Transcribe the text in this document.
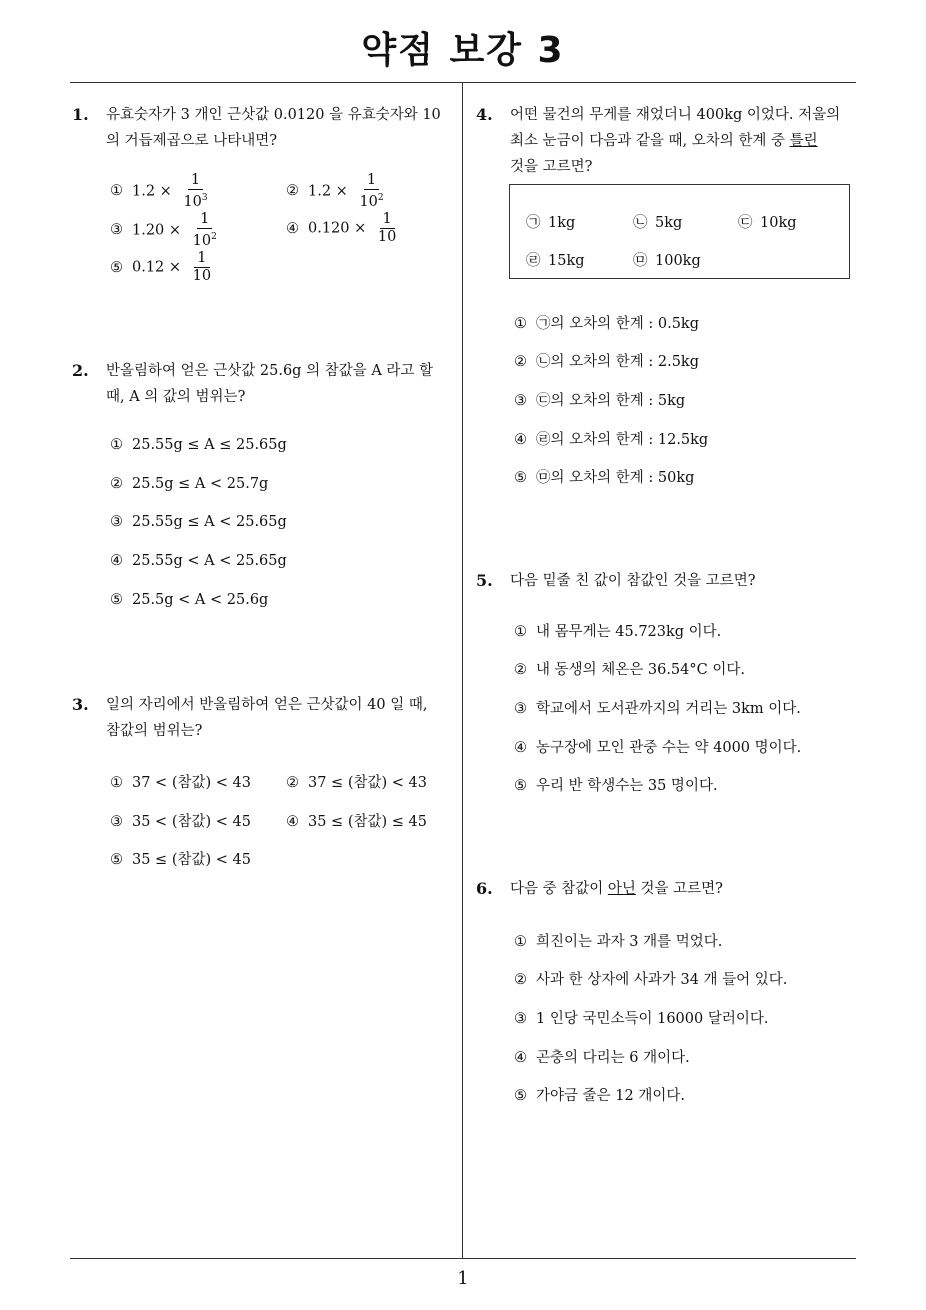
약점 보강 3
1
1. 유효숫자가 3 개인 근삿값 0.0120 을 유효숫자와 10
의 거듭제곱으로 나타내면?
① $1.2 \times \frac{1}{10^3}$	② $1.2 \times \frac{1}{10^2}$
③ $1.20 \times \frac{1}{10^2}$	④ $0.120 \times \frac{1}{10}$
⑤ $0.12 \times \frac{1}{10}$
2. 반올림하여 얻은 근삿값 25.6g 의 참값을 A 라고 할
때, A 의 값의 범위는?
① 25.55g ≤ A ≤ 25.65g
② 25.5g ≤ A < 25.7g
③ 25.55g ≤ A < 25.65g
④ 25.55g < A < 25.65g
⑤ 25.5g < A < 25.6g
3. 일의 자리에서 반올림하여 얻은 근삿값이 40 일 때,
참값의 범위는?
① 37 < (참값) < 43 ② 37 ≤ (참값) < 43
③ 35 < (참값) < 45 ④ 35 ≤ (참값) ≤ 45
⑤ 35 ≤ (참값) < 45
4. 어떤 물건의 무게를 재었더니 400kg 이었다. 저울의
최소 눈금이 다음과 같을 때, 오차의 한계 중 틀린
것을 고르면?
㉠ 1kg	㉡ 5kg	㉢ 10kg
㉣ 15kg	㉤ 100kg
① ㉠의 오차의 한계 : 0.5kg
② ㉡의 오차의 한계 : 2.5kg
③ ㉢의 오차의 한계 : 5kg
④ ㉣의 오차의 한계 : 12.5kg
⑤ ㉤의 오차의 한계 : 50kg
5. 다음 밑줄 친 값이 참값인 것을 고르면?
① 내 몸무게는 45.723kg 이다.
② 내 동생의 체온은 36.54°C 이다.
③ 학교에서 도서관까지의 거리는 3km 이다.
④ 농구장에 모인 관중 수는 약 4000 명이다.
⑤ 우리 반 학생수는 35 명이다.
6. 다음 중 참값이 아닌 것을 고르면?
① 희진이는 과자 3 개를 먹었다.
② 사과 한 상자에 사과가 34 개 들어 있다.
③ 1 인당 국민소득이 16000 달러이다.
④ 곤충의 다리는 6 개이다.
⑤ 가야금 줄은 12 개이다.
